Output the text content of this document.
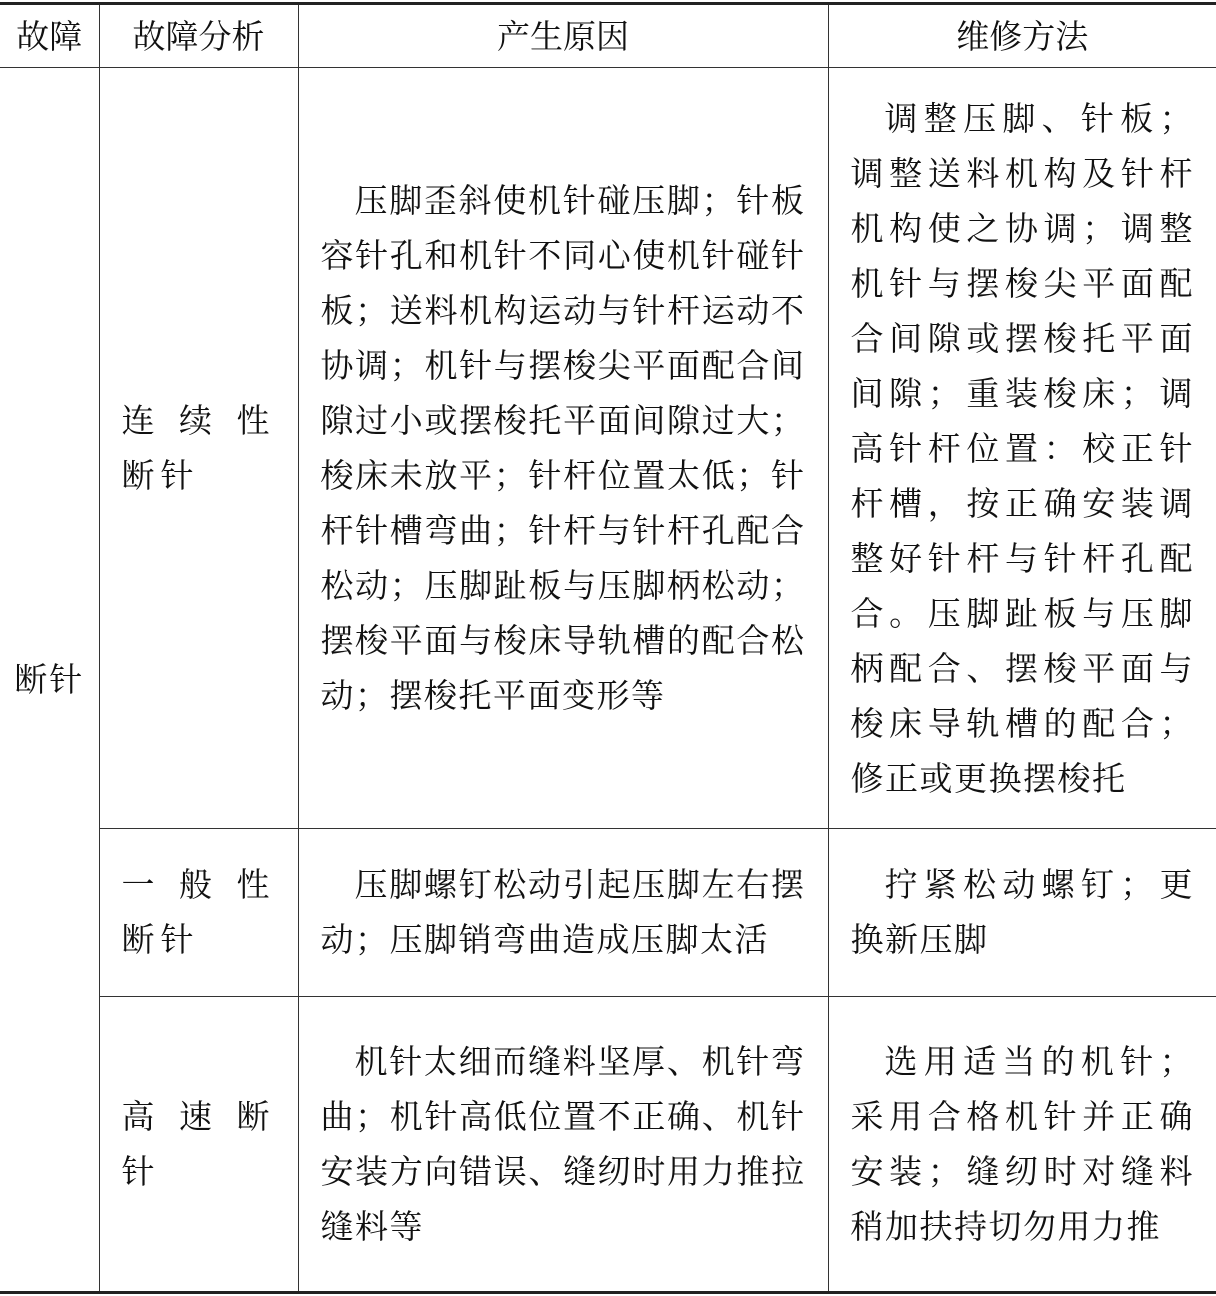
故障	故障分析	产生原因	维修方法
断针	连续性断针	压脚歪斜使机针碰压脚；针板容针孔和机针不同心使机针碰针板；送料机构运动与针杆运动不协调；机针与摆梭尖平面配合间隙过小或摆梭托平面间隙过大；梭床未放平；针杆位置太低；针杆针槽弯曲；针杆与针杆孔配合松动；压脚趾板与压脚柄松动；摆梭平面与梭床导轨槽的配合松动；摆梭托平面变形等	调整压脚、针板；调整送料机构及针杆机构使之协调；调整机针与摆梭尖平面配合间隙或摆梭托平面间隙；重装梭床；调高针杆位置：校正针杆槽，按正确安装调整好针杆与针杆孔配合。压脚趾板与压脚柄配合、摆梭平面与梭床导轨槽的配合；修正或更换摆梭托

	一般性断针	压脚螺钉松动引起压脚左右摆动；压脚销弯曲造成压脚太活	拧紧松动螺钉；更换新压脚

	高速断针	机针太细而缝料坚厚、机针弯曲；机针高低位置不正确、机针安装方向错误、缝纫时用力推拉缝料等	选用适当的机针；采用合格机针并正确安装；缝纫时对缝料稍加扶持切勿用力推
